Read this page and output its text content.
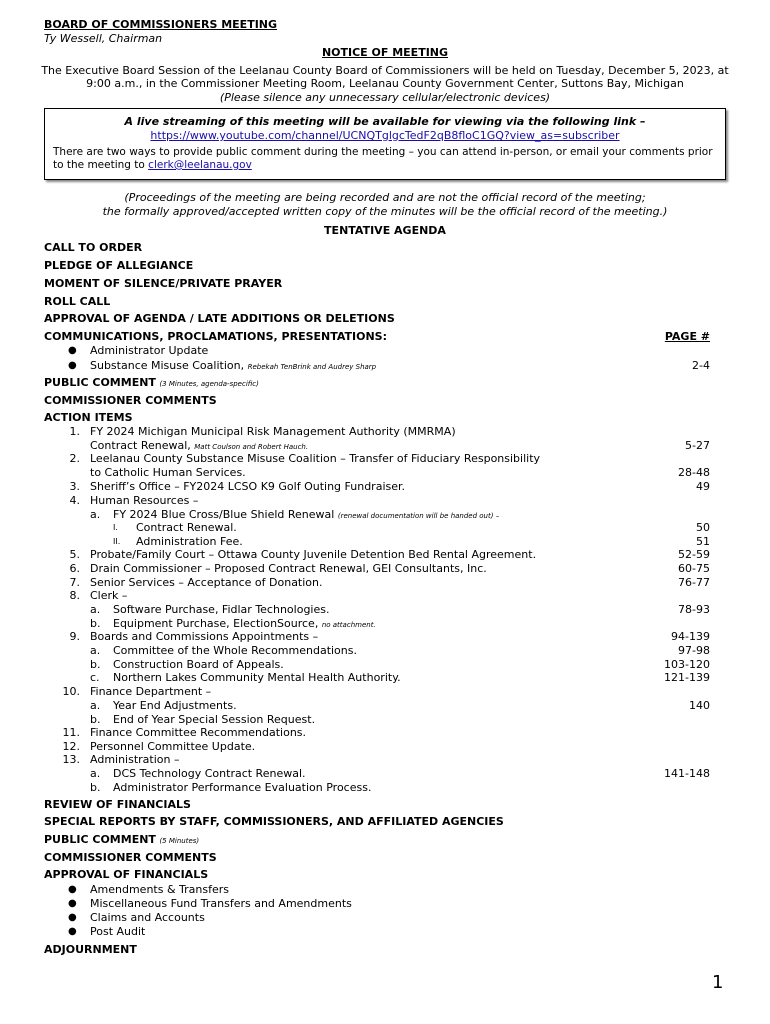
BOARD OF COMMISSIONERS MEETING
Ty Wessell, Chairman
NOTICE OF MEETING
The Executive Board Session of the Leelanau County Board of Commissioners will be held on Tuesday, December 5, 2023, at
9:00 a.m., in the Commissioner Meeting Room, Leelanau County Government Center, Suttons Bay, Michigan
(Please silence any unnecessary cellular/electronic devices)
A live streaming of this meeting will be available for viewing via the following link –
https://www.youtube.com/channel/UCNQTglgcTedF2qB8floC1GQ?view_as=subscriber
There are two ways to provide public comment during the meeting – you can attend in-person, or email your comments prior
to the meeting to clerk@leelanau.gov
(Proceedings of the meeting are being recorded and are not the official record of the meeting;
the formally approved/accepted written copy of the minutes will be the official record of the meeting.)
TENTATIVE AGENDA
CALL TO ORDER
PLEDGE OF ALLEGIANCE
MOMENT OF SILENCE/PRIVATE PRAYER
ROLL CALL
APPROVAL OF AGENDA / LATE ADDITIONS OR DELETIONS
COMMUNICATIONS, PROCLAMATIONS, PRESENTATIONS:	PAGE #
● Administrator Update
● Substance Misuse Coalition, Rebekah TenBrink and Audrey Sharp	2-4
PUBLIC COMMENT (3 Minutes, agenda-specific)
COMMISSIONER COMMENTS
ACTION ITEMS
1. FY 2024 Michigan Municipal Risk Management Authority (MMRMA)
Contract Renewal, Matt Coulson and Robert Hauch.	5-27
2. Leelanau County Substance Misuse Coalition – Transfer of Fiduciary Responsibility
to Catholic Human Services.	28-48
3. Sheriff’s Office – FY2024 LCSO K9 Golf Outing Fundraiser.	49
4. Human Resources –
a. FY 2024 Blue Cross/Blue Shield Renewal (renewal documentation will be handed out) –
I. Contract Renewal.	50
II. Administration Fee.	51
5. Probate/Family Court – Ottawa County Juvenile Detention Bed Rental Agreement.	52-59
6. Drain Commissioner – Proposed Contract Renewal, GEI Consultants, Inc.	60-75
7. Senior Services – Acceptance of Donation.	76-77
8. Clerk –
a. Software Purchase, Fidlar Technologies.	78-93
b. Equipment Purchase, ElectionSource, no attachment.
9. Boards and Commissions Appointments –	94-139
a. Committee of the Whole Recommendations.	97-98
b. Construction Board of Appeals.	103-120
c. Northern Lakes Community Mental Health Authority.	121-139
10. Finance Department –
a. Year End Adjustments.	140
b. End of Year Special Session Request.
11. Finance Committee Recommendations.
12. Personnel Committee Update.
13. Administration –
a. DCS Technology Contract Renewal.	141-148
b. Administrator Performance Evaluation Process.
REVIEW OF FINANCIALS
SPECIAL REPORTS BY STAFF, COMMISSIONERS, AND AFFILIATED AGENCIES
PUBLIC COMMENT (5 Minutes)
COMMISSIONER COMMENTS
APPROVAL OF FINANCIALS
● Amendments & Transfers
● Miscellaneous Fund Transfers and Amendments
● Claims and Accounts
● Post Audit
ADJOURNMENT
1
